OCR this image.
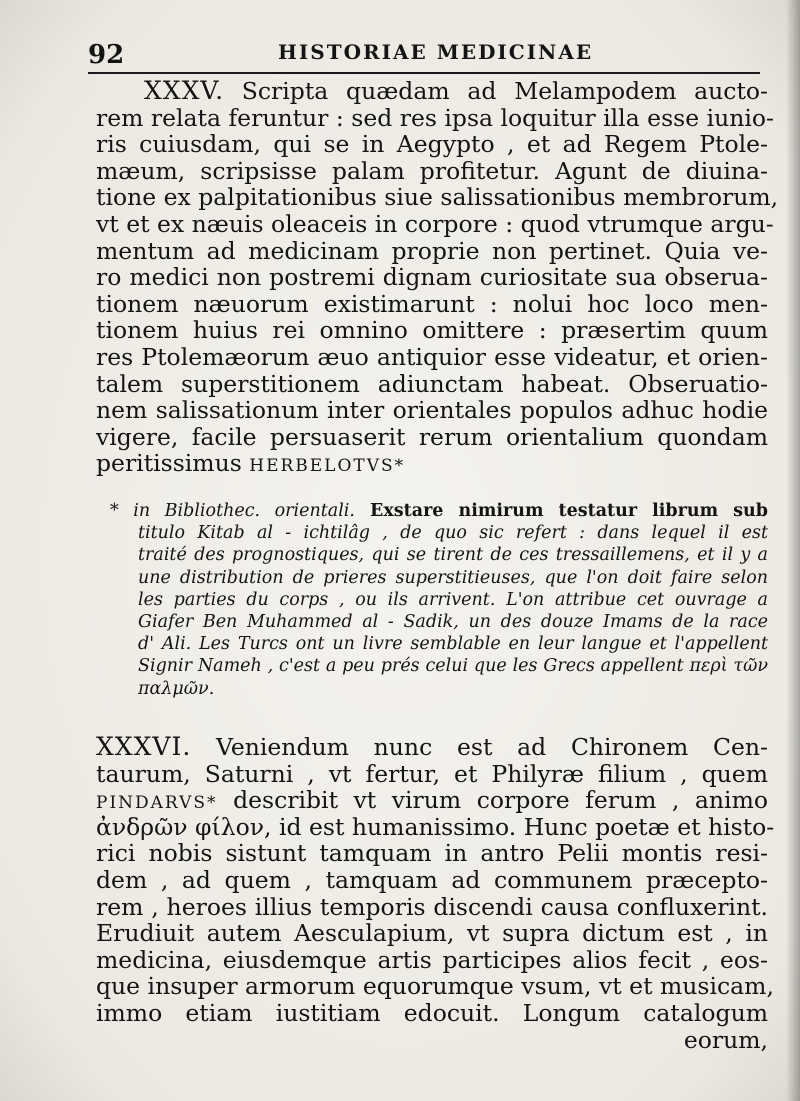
92	HISTORIAE MEDICINAE
XXXV. Scripta quædam ad Melampodem aucto-
rem relata feruntur : sed res ipsa loquitur illa esse iunio-
ris cuiusdam, qui se in Aegypto , et ad Regem Ptole-
mæum, scripsisse palam profitetur. Agunt de diuina-
tione ex palpitationibus siue salissationibus membrorum,
vt et ex næuis oleaceis in corpore : quod vtrumque argu-
mentum ad medicinam proprie non pertinet. Quia ve-
ro medici non postremi dignam curiositate sua obserua-
tionem næuorum existimarunt : nolui hoc loco men-
tionem huius rei omnino omittere : præsertim quum
res Ptolemæorum æuo antiquior esse videatur, et orien-
talem superstitionem adiunctam habeat. Obseruatio-
nem salissationum inter orientales populos adhuc hodie
vigere, facile persuaserit rerum orientalium quondam
peritissimus HERBELOTVS*
* in Bibliothec. orientali. Exstare nimirum testatur librum sub
titulo Kitab al - ichtilâg , de quo sic refert : dans lequel il est
traité des prognostiques, qui se tirent de ces tressaillemens, et il y a
une distribution de prieres superstitieuses, que l'on doit faire selon
les parties du corps , ou ils arrivent. L'on attribue cet ouvrage a
Giafer Ben Muhammed al - Sadik, un des douze Imams de la race
d' Ali. Les Turcs ont un livre semblable en leur langue et l'appellent
Signir Nameh , c'est a peu prés celui que les Grecs appellent περὶ τῶν
παλμῶν.
XXXVI. Veniendum nunc est ad Chironem Cen-
taurum, Saturni , vt fertur, et Philyræ filium , quem
PINDARVS* describit vt virum corpore ferum , animo
ἀνδρῶν φίλον, id est humanissimo. Hunc poetæ et histo-
rici nobis sistunt tamquam in antro Pelii montis resi-
dem , ad quem , tamquam ad communem præcepto-
rem , heroes illius temporis discendi causa confluxerint.
Erudiuit autem Aesculapium, vt supra dictum est , in
medicina, eiusdemque artis participes alios fecit , eos-
que insuper armorum equorumque vsum, vt et musicam,
immo etiam iustitiam edocuit. Longum catalogum
eorum,
